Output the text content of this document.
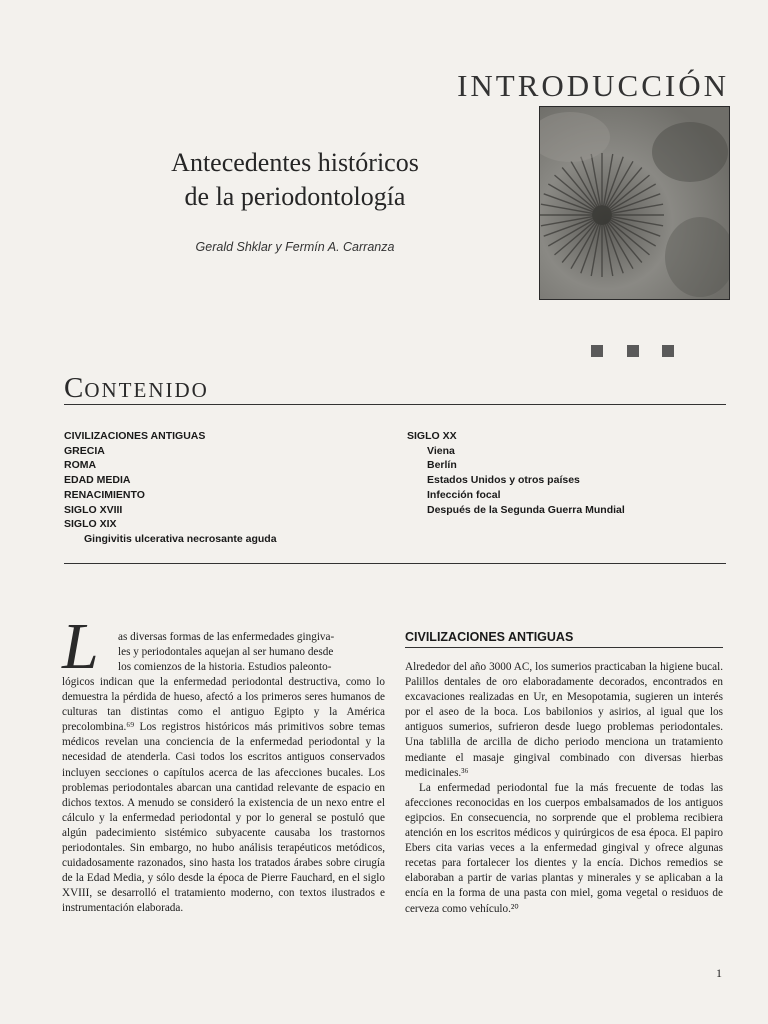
INTRODUCCIÓN
Antecedentes históricos
de la periodontología
Gerald Shklar y Fermín A. Carranza
CONTENIDO
CIVILIZACIONES ANTIGUAS
GRECIA
ROMA
EDAD MEDIA
RENACIMIENTO
SIGLO XVIII
SIGLO XIX
Gingivitis ulcerativa necrosante aguda
SIGLO XX
Viena
Berlín
Estados Unidos y otros países
Infección focal
Después de la Segunda Guerra Mundial
L as diversas formas de las enfermedades gingiva-

les y periodontales aquejan al ser humano desde

los comienzos de la historia. Estudios paleonto-

lógicos indican que la enfermedad periodontal destructiva, como lo demuestra la pérdida de hueso, afectó a los primeros seres humanos de culturas tan distintas como el antiguo Egipto y la América precolombina.⁶⁹ Los registros históricos más primitivos sobre temas médicos revelan una conciencia de la enfermedad periodontal y la necesidad de atenderla. Casi todos los escritos antiguos conservados incluyen secciones o capítulos acerca de las afecciones bucales. Los problemas periodontales abarcan una cantidad relevante de espacio en dichos textos. A menudo se consideró la existencia de un nexo entre el cálculo y la enfermedad periodontal y por lo general se postuló que algún padecimiento sistémico subyacente causaba los trastornos periodontales. Sin embargo, no hubo análisis terapéuticos metódicos, cuidadosamente razonados, sino hasta los tratados árabes sobre cirugía de la Edad Media, y sólo desde la época de Pierre Fauchard, en el siglo XVIII, se desarrolló el tratamiento moderno, con textos ilustrados e instrumentación elaborada.

CIVILIZACIONES ANTIGUAS

Alrededor del año 3000 AC, los sumerios practicaban la higiene bucal. Palillos dentales de oro elaboradamente decorados, encontrados en excavaciones realizadas en Ur, en Mesopotamia, sugieren un interés por el aseo de la boca. Los babilonios y asirios, al igual que los antiguos sumerios, sufrieron desde luego problemas periodontales. Una tablilla de arcilla de dicho periodo menciona un tratamiento mediante el masaje gingival combinado con diversas hierbas medicinales.³⁶

La enfermedad periodontal fue la más frecuente de todas las afecciones reconocidas en los cuerpos embalsamados de los antiguos egipcios. En consecuencia, no sorprende que el problema recibiera atención en los escritos médicos y quirúrgicos de esa época. El papiro Ebers cita varias veces a la enfermedad gingival y ofrece algunas recetas para fortalecer los dientes y la encía. Dichos remedios se elaboraban a partir de varias plantas y minerales y se aplicaban a la encía en la forma de una pasta con miel, goma vegetal o residuos de cerveza como vehículo.²⁰

1
